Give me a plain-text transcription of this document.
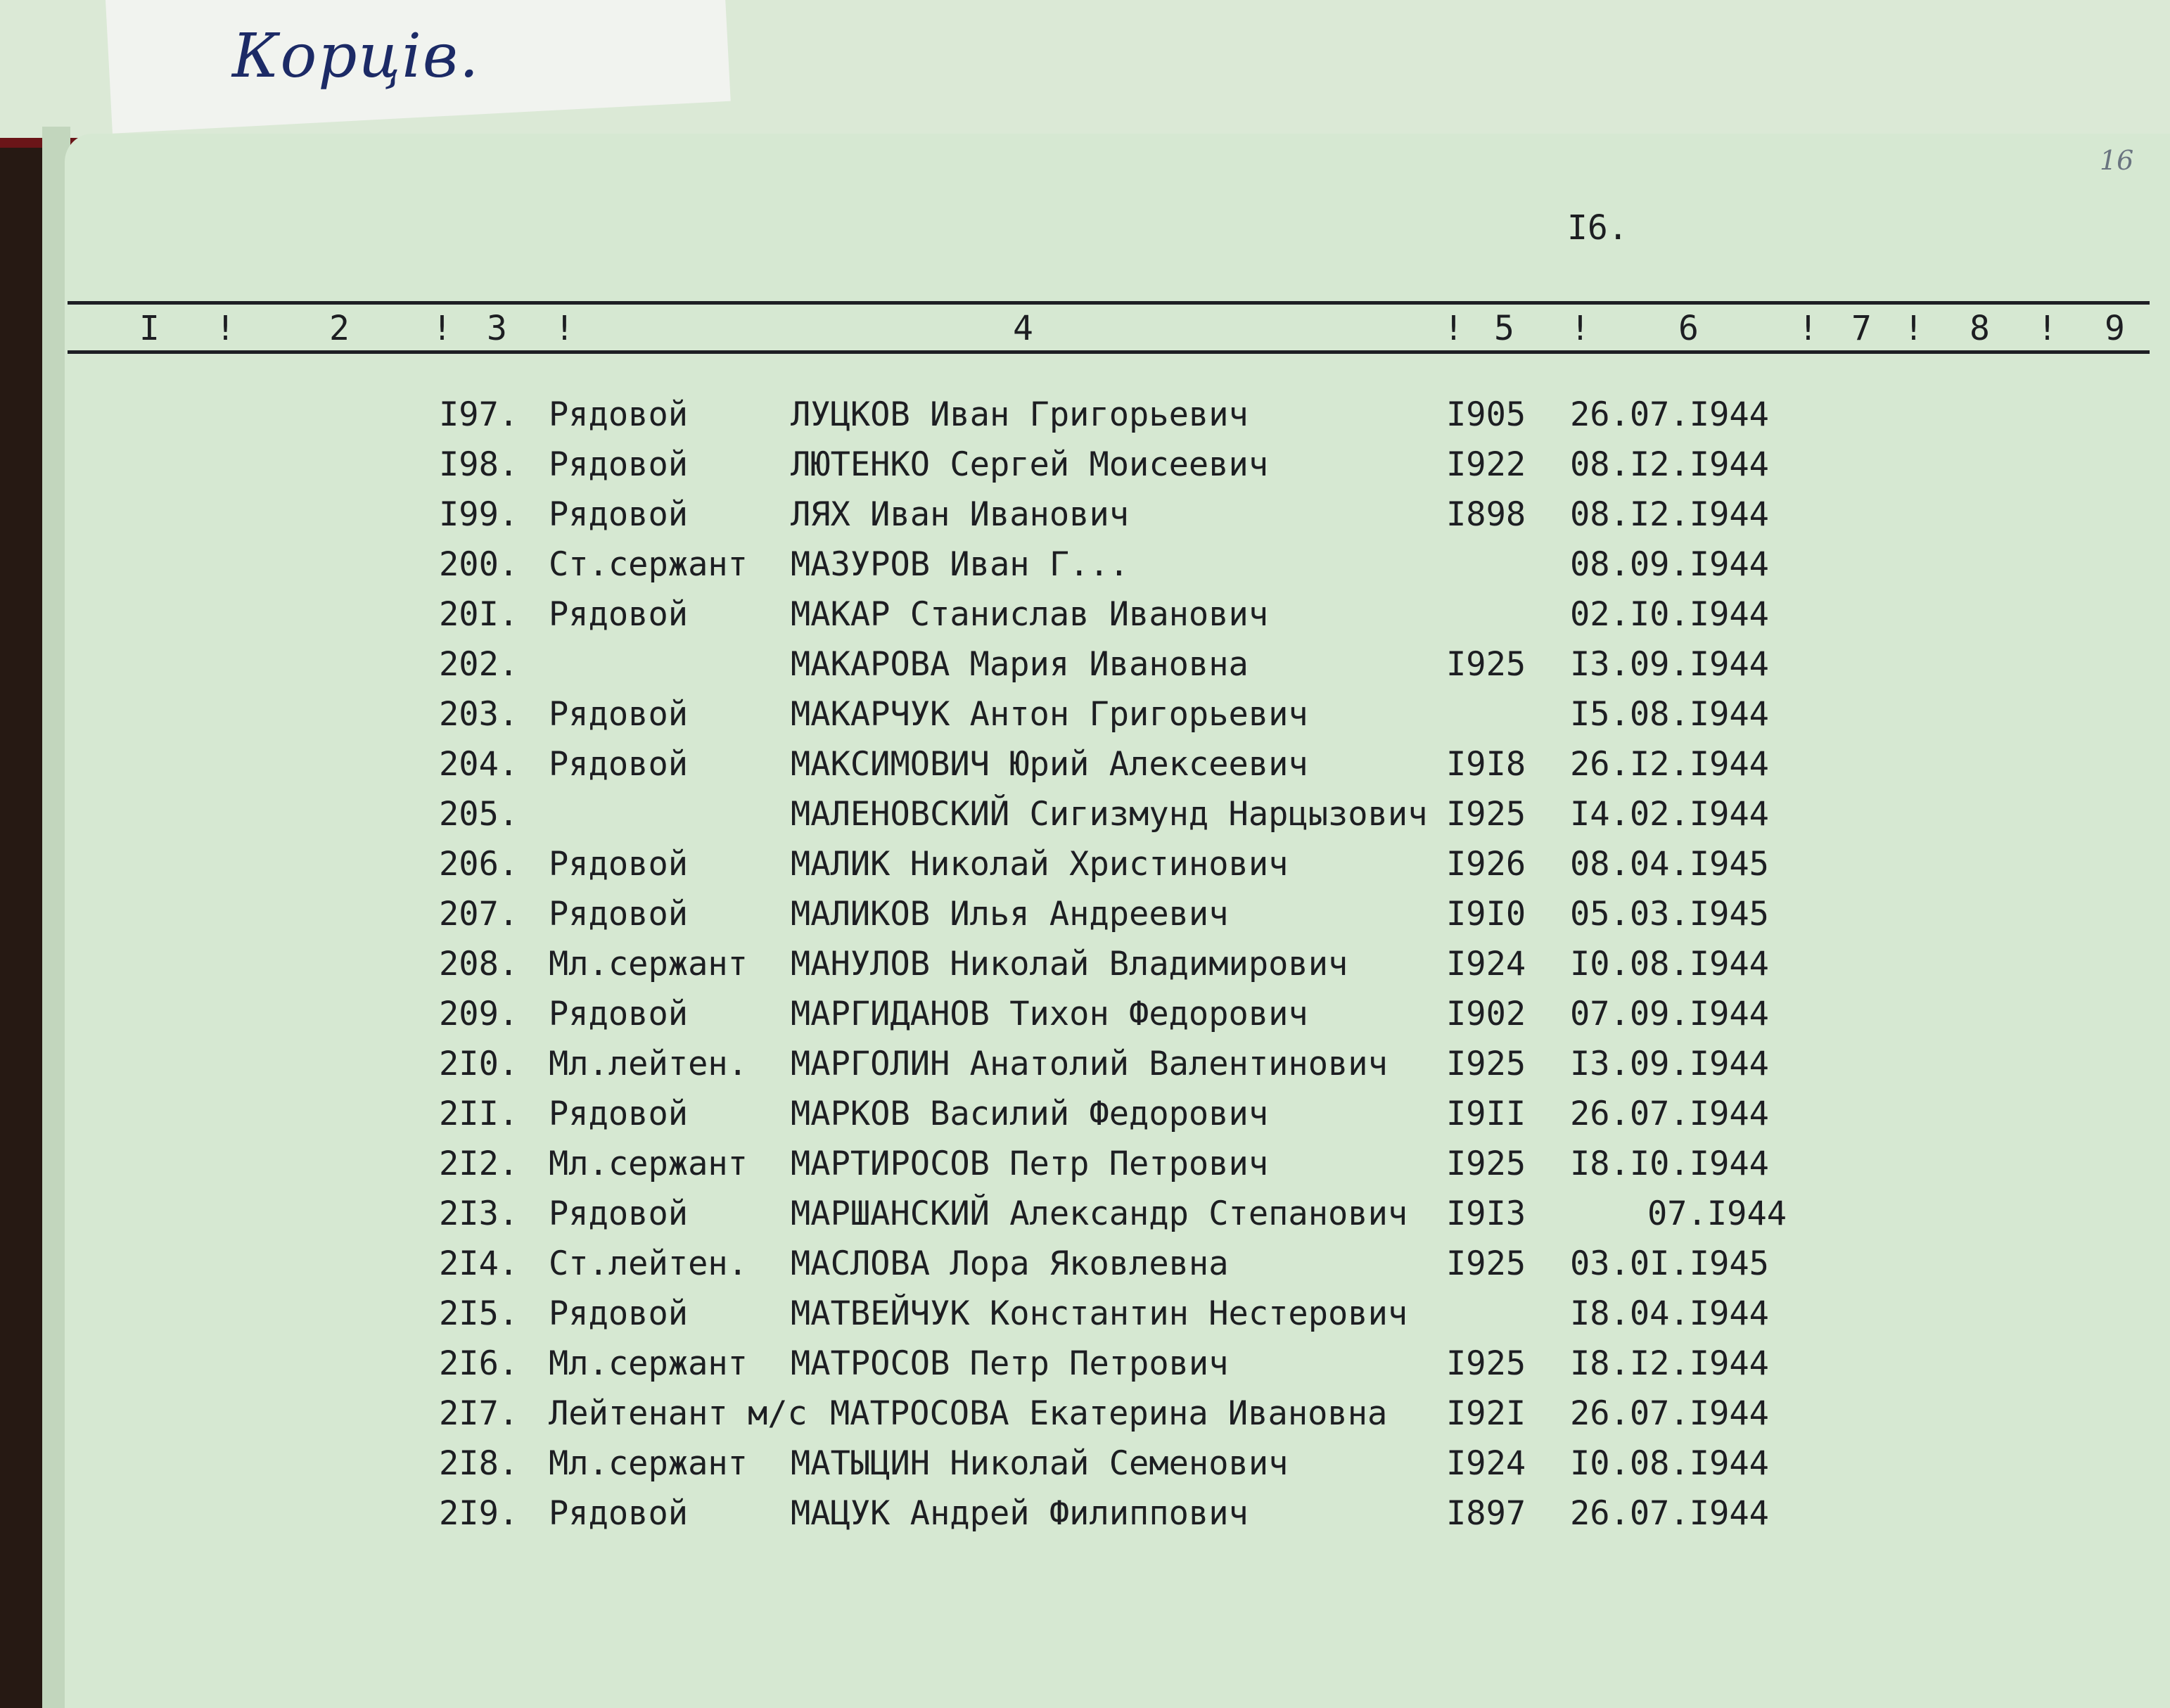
Корців.
16
I6.
I !	2 ! 3 !	4	! 5 !	6	! 7 ! 8 ! 9
I97. Рядовой	ЛУЦКОВ Иван Григорьевич	I905 26.07.I944
I98. Рядовой	ЛЮТЕНКО Сергей Моисеевич	I922 08.I2.I944
I99. Рядовой	ЛЯХ Иван Иванович	I898 08.I2.I944
200. Ст.сержант МАЗУРОВ Иван Г...	08.09.I944
20I. Рядовой	МАКАР Станислав Иванович	02.I0.I944
202.	МАКАРОВА Мария Ивановна	I925 I3.09.I944
203. Рядовой	МАКАРЧУК Антон Григорьевич	I5.08.I944
204. Рядовой	МАКСИМОВИЧ Юрий Алексеевич	I9I8 26.I2.I944
205.	МАЛЕНОВСКИЙ Сигизмунд Нарцызович I925 I4.02.I944
206. Рядовой	МАЛИК Николай Христинович	I926 08.04.I945
207. Рядовой	МАЛИКОВ Илья Андреевич	I9I0 05.03.I945
208. Мл.сержант МАНУЛОВ Николай Владимирович	I924 I0.08.I944
209. Рядовой	МАРГИДАНОВ Тихон Федорович	I902 07.09.I944
2I0. Мл.лейтен. МАРГОЛИН Анатолий Валентинович I925 I3.09.I944
2II. Рядовой	МАРКОВ Василий Федорович	I9II 26.07.I944
2I2. Мл.сержант МАРТИРОСОВ Петр Петрович	I925 I8.I0.I944
2I3. Рядовой	МАРШАНСКИЙ Александр Степанович I9I3	07.I944
2I4. Ст.лейтен. МАСЛОВА Лора Яковлевна	I925 03.0I.I945
2I5. Рядовой	МАТВЕЙЧУК Константин Нестерович	I8.04.I944
2I6. Мл.сержант МАТРОСОВ Петр Петрович	I925 I8.I2.I944
2I7. Лейтенант м/с МАТРОСОВА Екатерина Ивановна I92I 26.07.I944
2I8. Мл.сержант МАТЫЦИН Николай Семенович	I924 I0.08.I944
2I9. Рядовой	МАЦУК Андрей Филиппович	I897 26.07.I944
